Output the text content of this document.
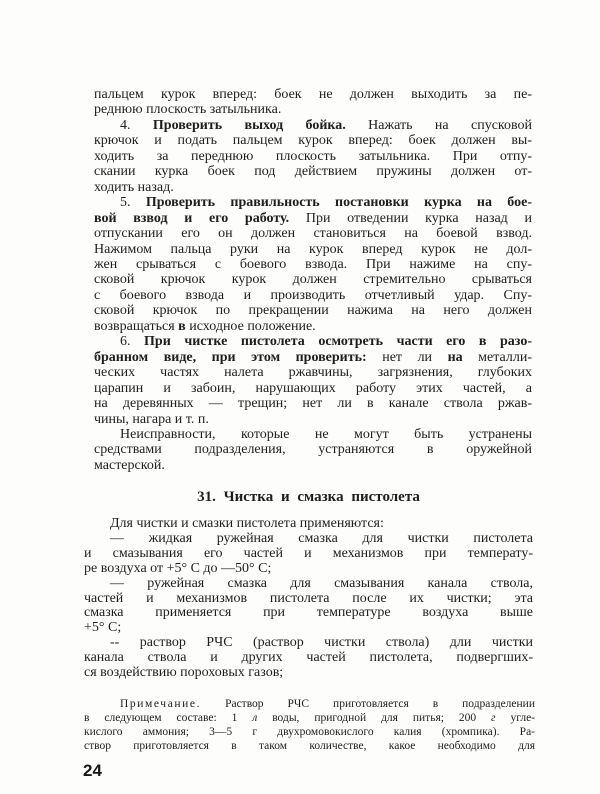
пальцем курок вперед: боек не должен выходить за пе-
реднюю плоскость затыльника.
4. Проверить выход бойка. Нажать на спусковой
крючок и подать пальцем курок вперед: боек должен вы-
ходить за переднюю плоскость затыльника. При отпу-
скании курка боек под действием пружины должен от-
ходить назад.
5. Проверить правильность постановки курка на бое-
вой взвод и его работу. При отведении курка назад и
отпускании его он должен становиться на боевой взвод.
Нажимом пальца руки на курок вперед курок не дол-
жен срываться с боевого взвода. При нажиме на спу-
сковой крючок курок должен стремительно срываться
с боевого взвода и производить отчетливый удар. Спу-
сковой крючок по прекращении нажима на него должен
возвращаться в исходное положение.
6. При чистке пистолета осмотреть части его в разо-
бранном виде, при этом проверить: нет ли на металли-
ческих частях налета ржавчины, загрязнения, глубоких
царапин и забоин, нарушающих работу этих частей, а
на деревянных — трещин; нет ли в канале ствола ржав-
чины, нагара и т. п.
Неисправности, которые не могут быть устранены
средствами подразделения, устраняются в оружейной
мастерской.
31. Чистка и смазка пистолета
Для чистки и смазки пистолета применяются:
— жидкая ружейная смазка для чистки пистолета
и смазывания его частей и механизмов при температу-
ре воздуха от +5° С до —50° С;
— ружейная смазка для смазывания канала ствола,
частей и механизмов пистолета после их чистки; эта
смазка применяется при температуре воздуха выше
+5° С;
-- раствор РЧС (раствор чистки ствола) дли чистки
канала ствола и других частей пистолета, подвергших-
ся воздействию пороховых газов;
Примечание. Раствор РЧС приготовляется в подразделении
в следующем составе: 1 л воды, пригодной для питья; 200 г угле-
кислого аммония; 3—5 г двухромовокислого калия (хромпика). Ра-
створ приготовляется в таком количестве, какое необходимо для
24
